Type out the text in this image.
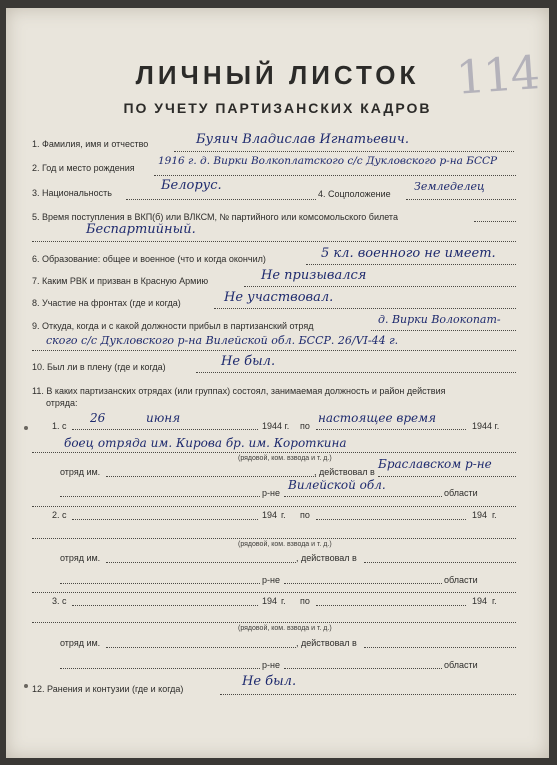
ЛИЧНЫЙ ЛИСТОК
ПО УЧЕТУ ПАРТИЗАНСКИХ КАДРОВ
114
1. Фамилия, имя и отчество	Буяич Владислав Игнатьевич.
2. Год и место рождения
1916 г. д. Вирки Волкоплатского с/с Дукловского р-на БССР
3. Национальность	Белорус.
4. Соцположение
Земледелец
5. Время поступления в ВКП(б) или ВЛКСМ, № партийного или комсомольского билета
Беспартийный.
6. Образование: общее и военное (что и когда окончил)	5 кл. военного не имеет.
7. Каким РВК и призван в Красную Армию	Не призывался
8. Участие на фронтах (где и когда)	Не участвовал.
9. Откуда, когда и с какой должности прибыл в партизанский отряд	д. Вирки Волокопат-
ского с/с Дукловского р-на Вилейской обл. БССР. 26/VI-44 г.
10. Был ли в плену (где и когда)	Не был.
11. В каких партизанских отрядах (или группах) состоял, занимаемая должность и район действия
отряда:
1. с
26	июня
1944 г. по
настоящее время
1944 г.
боец отряда им. Кирова бр. им. Короткина
(рядовой, ком. взвода и т. д.)
отряд им.	, действовал в
Браславском р-не
р-не
Вилейской обл.
области
2. с	194 г. по	194 г.
(рядовой, ком. взвода и т. д.)
отряд им.	, действовал в
р-не	области
3. с	194 г. по	194 г.
(рядовой, ком. взвода и т. д.)
отряд им.	, действовал в
р-не	области
12. Ранения и контузии (где и когда)	Не был.
